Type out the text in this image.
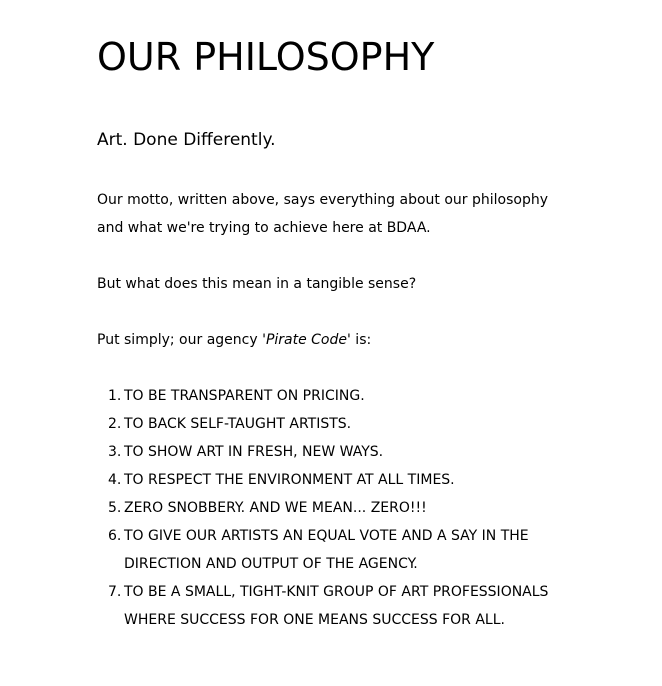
OUR PHILOSOPHY
Art. Done Differently.

Our motto, written above, says everything about our philosophy and what we're trying to achieve here at BDAA.

But what does this mean in a tangible sense?

Put simply; our agency 'Pirate Code' is:

1. TO BE TRANSPARENT ON PRICING.
2. TO BACK SELF-TAUGHT ARTISTS.
3. TO SHOW ART IN FRESH, NEW WAYS.
4. TO RESPECT THE ENVIRONMENT AT ALL TIMES.
5. ZERO SNOBBERY. AND WE MEAN... ZERO!!!
6. TO GIVE OUR ARTISTS AN EQUAL VOTE AND A SAY IN THE DIRECTION AND OUTPUT OF THE AGENCY.
7. TO BE A SMALL, TIGHT-KNIT GROUP OF ART PROFESSIONALS WHERE SUCCESS FOR ONE MEANS SUCCESS FOR ALL.
